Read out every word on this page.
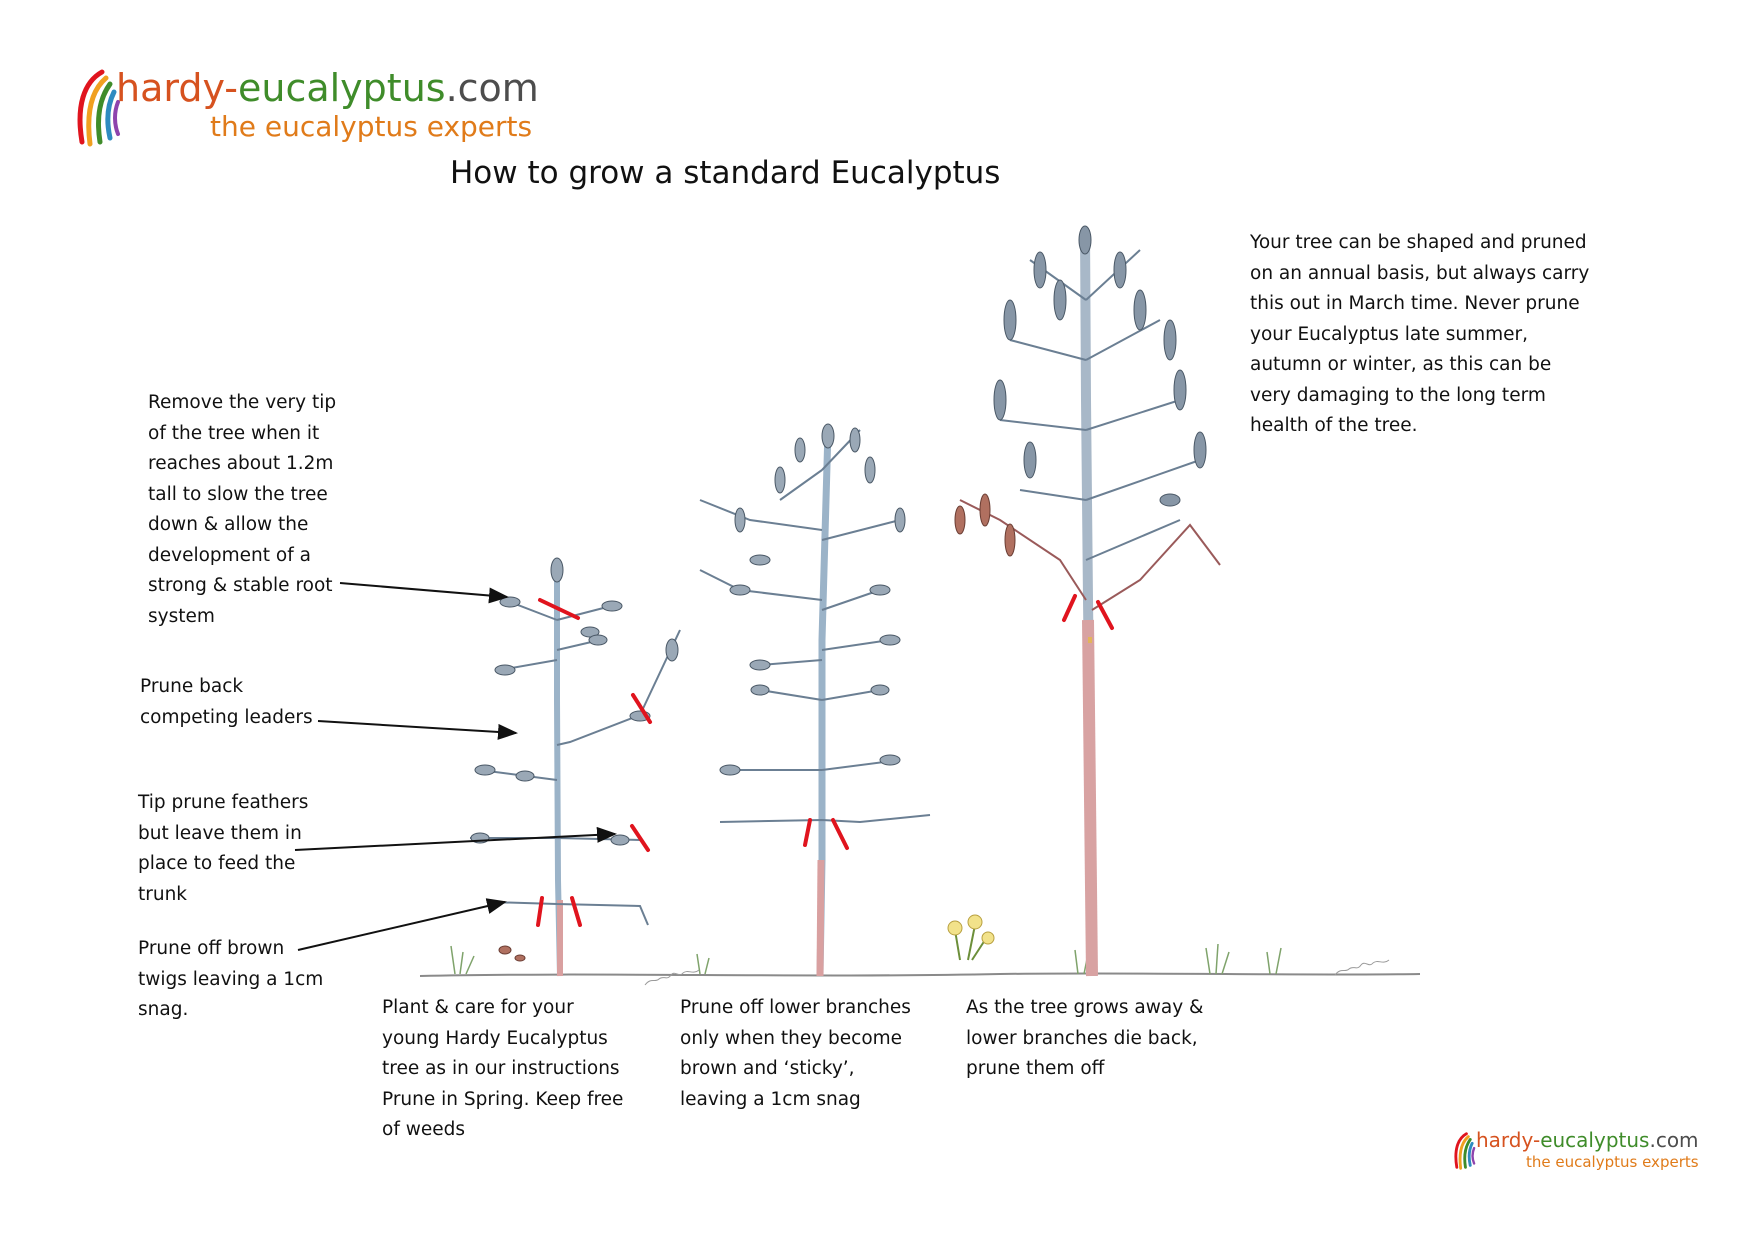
hardy-eucalyptus.com
the eucalyptus experts
How to grow a standard Eucalyptus
Remove the very tip
of the tree when it
reaches about 1.2m
tall to slow the tree
down & allow the
development of a
strong & stable root
system
Prune back
competing leaders
Tip prune feathers
but leave them in
place to feed the
trunk
Prune off brown
twigs leaving a 1cm
snag.
Your tree can be shaped and pruned
on an annual basis, but always carry
this out in March time. Never prune
your Eucalyptus late summer,
autumn or winter, as this can be
very damaging to the long term
health of the tree.
Plant & care for your
young Hardy Eucalyptus
tree as in our instructions
Prune in Spring. Keep free
of weeds
Prune off lower branches
only when they become
brown and ‘sticky’,
leaving a 1cm snag
As the tree grows away &
lower branches die back,
prune them off
hardy-eucalyptus.com
the eucalyptus experts
